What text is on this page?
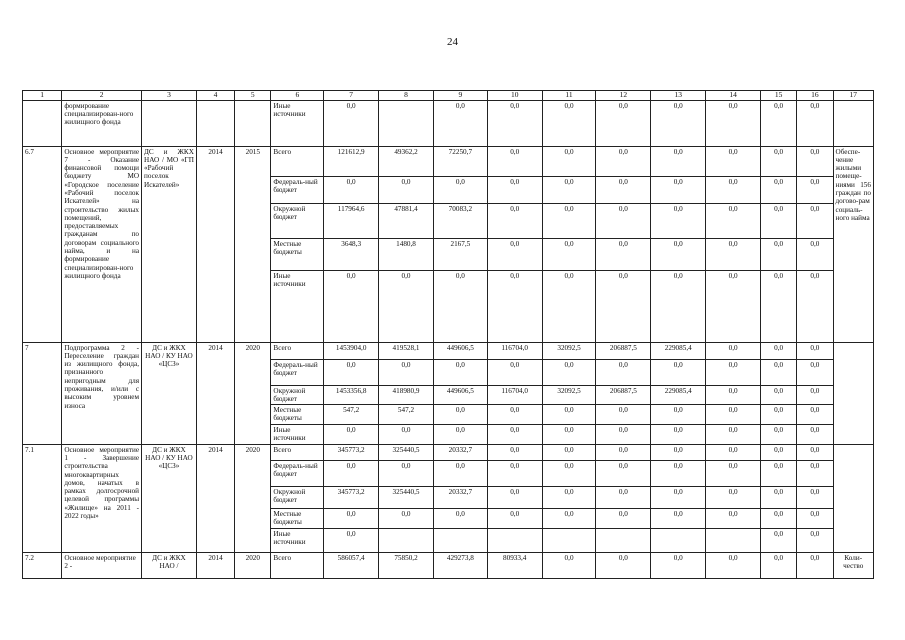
24
1	2	3	4	5	6	7	8	9	10	11	12	13	14	15	16	17
	формирование специализирован-ного жилищного фонда				Иные источники	0,0		0,0	0,0	0,0	0,0	0,0	0,0	0,0	0,0	
6.7	Основное мероприятие 7 - Оказание финансовой помощи бюджету МО «Городское поселение «Рабочий поселок Искателей» на строительство жилых помещений, предоставляемых гражданам по договорам социального найма, и на формирование специализирован-ного жилищного фонда	ДС и ЖКХ НАО / МО «ГП «Рабочий поселок Искателей»	2014	2015	Всего	121612,9	49362,2	72250,7	0,0	0,0	0,0	0,0	0,0	0,0	0,0	Обеспе-чение жилыми помеще-ниями 156 граждан по догово-рам социаль-ного найма
					Федераль-ный бюджет	0,0	0,0	0,0	0,0	0,0	0,0	0,0	0,0	0,0	0,0	
					Окружной бюджет	117964,6	47881,4	70083,2	0,0	0,0	0,0	0,0	0,0	0,0	0,0	
					Местные бюджеты	3648,3	1480,8	2167,5	0,0	0,0	0,0	0,0	0,0	0,0	0,0	
					Иные источники	0,0	0,0	0,0	0,0	0,0	0,0	0,0	0,0	0,0	0,0	
7	Подпрограмма 2 - Переселение граждан из жилищного фонда, признанного непригодным для проживания, и/или с высоким уровнем износа	ДС и ЖКХ НАО / КУ НАО «ЦСЗ»	2014	2020	Всего	1453904,0	419528,1	449606,5	116704,0	32092,5	206887,5	229085,4	0,0	0,0	0,0	
					Федераль-ный бюджет	0,0	0,0	0,0	0,0	0,0	0,0	0,0	0,0	0,0	0,0	
					Окружной бюджет	1453356,8	418980,9	449606,5	116704,0	32092,5	206887,5	229085,4	0,0	0,0	0,0	
					Местные бюджеты	547,2	547,2	0,0	0,0	0,0	0,0	0,0	0,0	0,0	0,0	
					Иные источники	0,0	0,0	0,0	0,0	0,0	0,0	0,0	0,0	0,0	0,0	
7.1	Основное мероприятие 1 - Завершение строительства многоквартирных домов, начатых в рамках долгосрочной целевой программы «Жилище» на 2011 - 2022 годы»	ДС и ЖКХ НАО / КУ НАО «ЦСЗ»	2014	2020	Всего	345773,2	325440,5	20332,7	0,0	0,0	0,0	0,0	0,0	0,0	0,0	
					Федераль-ный бюджет	0,0	0,0	0,0	0,0	0,0	0,0	0,0	0,0	0,0	0,0	
					Окружной бюджет	345773,2	325440,5	20332,7	0,0	0,0	0,0	0,0	0,0	0,0	0,0	
					Местные бюджеты	0,0	0,0	0,0	0,0	0,0	0,0	0,0	0,0	0,0	0,0	
					Иные источники	0,0								0,0	0,0	
7.2	Основное мероприятие 2 -	ДС и ЖКХ НАО /	2014	2020	Всего	586057,4	75850,2	429273,8	80933,4	0,0	0,0	0,0	0,0	0,0	0,0	Коли-чество
